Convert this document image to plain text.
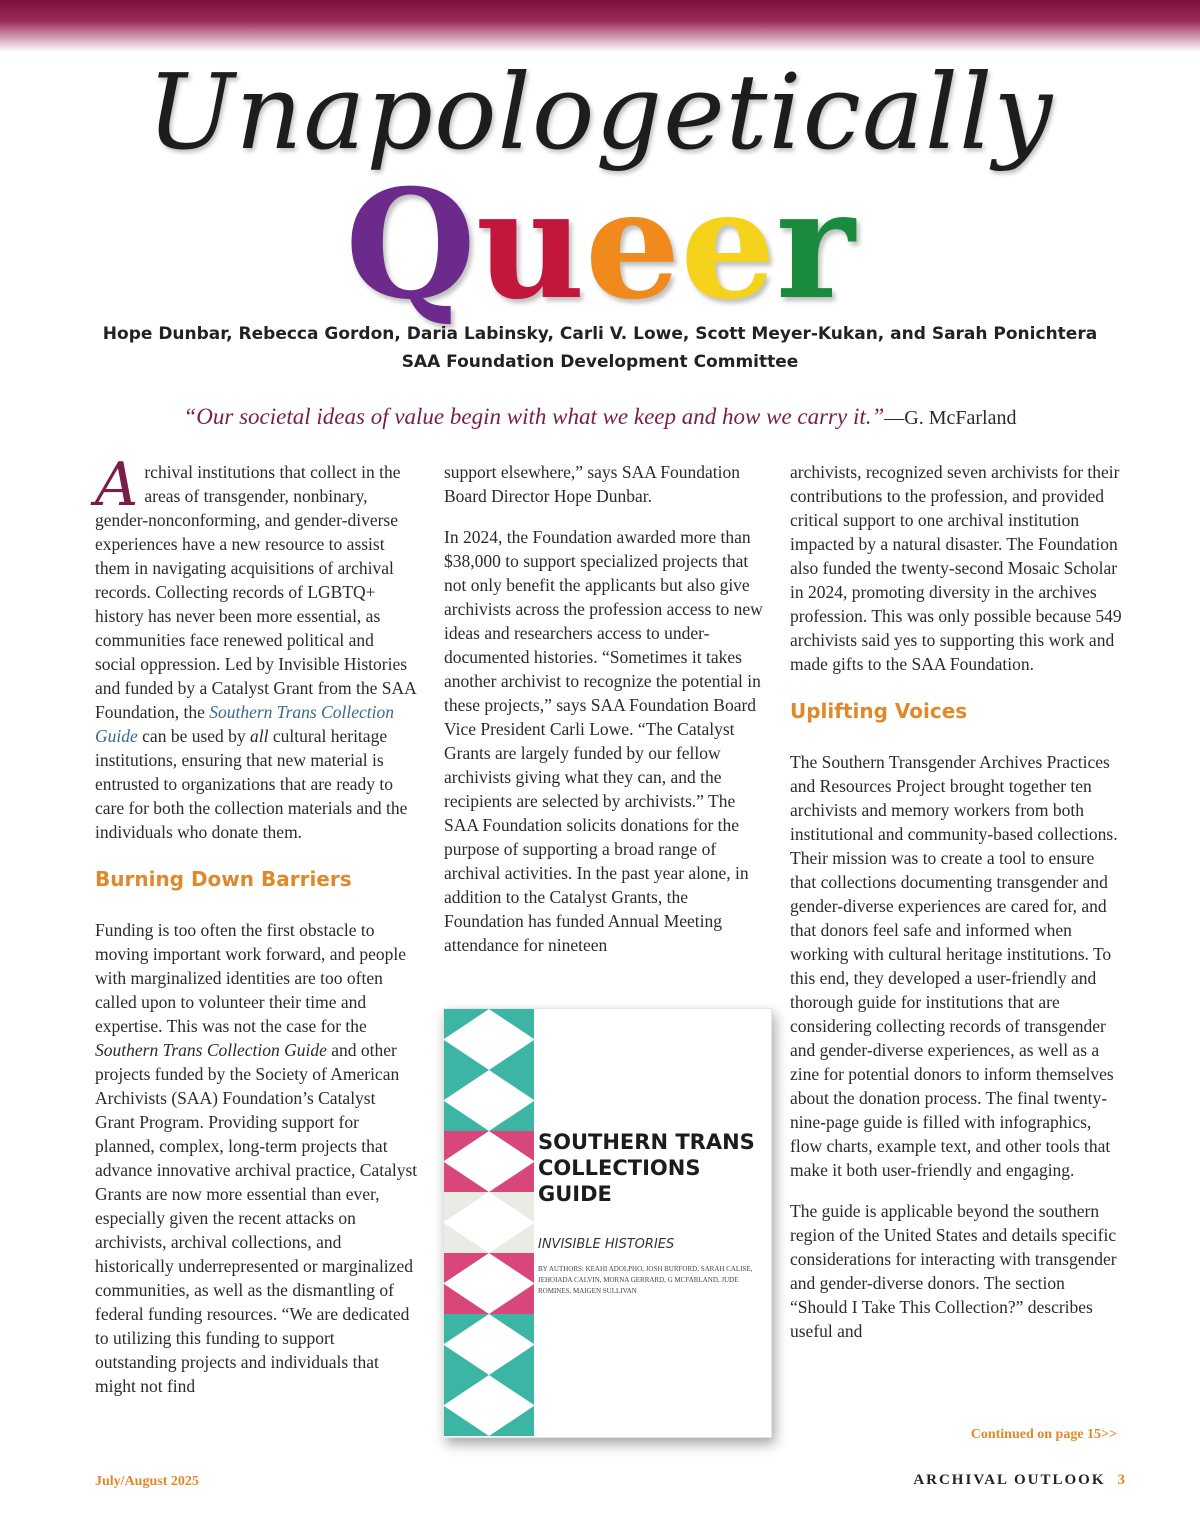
Unapologetically
Queer
Hope Dunbar, Rebecca Gordon, Daria Labinsky, Carli V. Lowe, Scott Meyer-Kukan, and Sarah Ponichtera
SAA Foundation Development Committee
“Our societal ideas of value begin with what we keep and how we carry it.”—G. McFarland

Archival institutions that collect in the areas of transgender, nonbinary, gender-nonconforming, and gender-diverse experiences have a new resource to assist them in navigating acquisitions of archival records. Collecting records of LGBTQ+ history has never been more essential, as communities face renewed political and social oppression. Led by Invisible Histories and funded by a Catalyst Grant from the SAA Foundation, the Southern Trans Collection Guide can be used by all cultural heritage institutions, ensuring that new material is entrusted to organizations that are ready to care for both the collection materials and the individuals who donate them.

Burning Down Barriers

Funding is too often the first obstacle to moving important work forward, and people with marginalized identities are too often called upon to volunteer their time and expertise. This was not the case for the Southern Trans Collection Guide and other projects funded by the Society of American Archivists (SAA) Foundation’s Catalyst Grant Program. Providing support for planned, complex, long-term projects that advance innovative archival practice, Catalyst Grants are now more essential than ever, especially given the recent attacks on archivists, archival collections, and historically underrepresented or marginalized communities, as well as the dismantling of federal funding resources. “We are dedicated to utilizing this funding to support outstanding projects and individuals that might not find

support elsewhere,” says SAA Foundation Board Director Hope Dunbar.

In 2024, the Foundation awarded more than $38,000 to support specialized projects that not only benefit the applicants but also give archivists across the profession access to new ideas and researchers access to under-documented histories. “Sometimes it takes another archivist to recognize the potential in these projects,” says SAA Foundation Board Vice President Carli Lowe. “The Catalyst Grants are largely funded by our fellow archivists giving what they can, and the recipients are selected by archivists.” The SAA Foundation solicits donations for the purpose of supporting a broad range of archival activities. In the past year alone, in addition to the Catalyst Grants, the Foundation has funded Annual Meeting attendance for nineteen

SOUTHERN TRANS COLLECTIONS GUIDE
INVISIBLE HISTORIES
BY AUTHORS: KEAHI ADOLPHO, JOSH BURFORD, SARAH CALISE, JEHOIADA CALVIN, MORNA GERRARD, G MCFARLAND, JUDE ROMINES, MAIGEN SULLIVAN

archivists, recognized seven archivists for their contributions to the profession, and provided critical support to one archival institution impacted by a natural disaster. The Foundation also funded the twenty-second Mosaic Scholar in 2024, promoting diversity in the archives profession. This was only possible because 549 archivists said yes to supporting this work and made gifts to the SAA Foundation.

Uplifting Voices

The Southern Transgender Archives Practices and Resources Project brought together ten archivists and memory workers from both institutional and community-based collections. Their mission was to create a tool to ensure that collections documenting transgender and gender-diverse experiences are cared for, and that donors feel safe and informed when working with cultural heritage institutions. To this end, they developed a user-friendly and thorough guide for institutions that are considering collecting records of transgender and gender-diverse experiences, as well as a zine for potential donors to inform themselves about the donation process. The final twenty-nine-page guide is filled with infographics, flow charts, example text, and other tools that make it both user-friendly and engaging.

The guide is applicable beyond the southern region of the United States and details specific considerations for interacting with transgender and gender-diverse donors. The section “Should I Take This Collection?” describes useful and

Continued on page 15>>
July/August 2025	ARCHIVAL OUTLOOK 3
